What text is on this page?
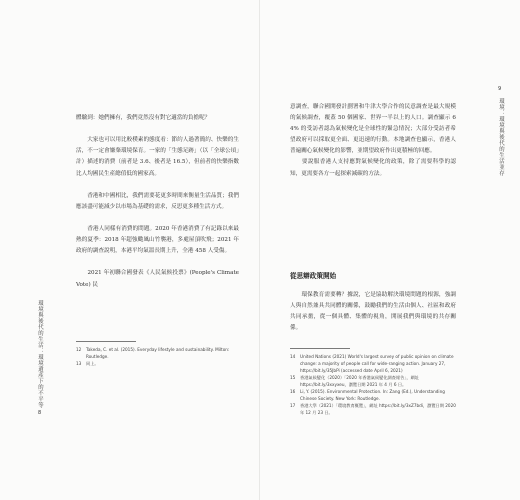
環境與後代的生活：環境遺產下的不平等
8

體驗到：她們擁有，我們竟然沒有對它適當的負擔呢？

　　大家也可以用比較樸素的態度看：節約人過著簡約、快樂的生活，不一定會嫌棄環境保育。一家的「生態足跡」（以「全球公頃」計）描述的消費（前者是 3.6、後者是 16.5），但前者的快樂指數比人均國民生產總值低的國家高。

　　香港和中國相比，我們需要花更多時間來衡量生活品質；我們應該盡可能減少以市場為基礎的需求，反思更多種生活方式。

　　香港人同樣有消費的問題。2020 年香港消費了有記錄以來最熱的夏季：2018 年超強颱風山竹襲港，多處屋頂吹飛；2021 年政府的調查說明，本港平均氣溫長期上升，全港 458 人受傷。

　　2021 年初聯合國發表《人民氣候投票》(People's Climate Vote) 民

12	Takeda, C. et al. (2015). Everyday lifestyle and sustainability. Milton: Routledge.
13	同上。
9
環境：環境與後代的生活並存
意調查，聯合國開發計劃署和牛津大學合作的民意調查是最大規模的氣候調查，覆蓋 50 個國家、世界一半以上的人口。調查顯示 64% 的受訪者認為氣候變化是全球性的緊急情況；大部分受訪者希望政府可以採取更全面、更迅速的行動。本地調查也顯示，香港人普遍關心氣候變化的影響，並期望政府作出更積極的回應。
　　要說服香港人支持應對氣候變化的政策，除了需要科學的認知，更需要各方一起探索減碳的方法。
從思辯政策開始
　　環保教育需要轉？據說，它是協助解決環境問題的根源，強調人與自然兼具共同體的關係，鼓勵我們的生活由個人、社區和政府共同承擔，從一個具體、集體的視角，開展我們與環境的共存關係。
14	United Nations (2021) World's largest survey of public opinion on climate change: a majority of people call for wide-ranging action. January 27, https://bit.ly/35JbPi (accessed date April 6, 2021)
15	香港氣候變化（2020）「2020 年香港氣候變化調查報告」，網址 https://bit.ly/3xxyxeu，瀏覽日期 2021 年 4 月 6 日。
16	Li, Y. (2015). Environmental Protection. In: Zang (Ed.), Understanding Chinese Society. New York: Routledge.
17	香港大學（2021）「環境教育概覽」，網址 https://bit.ly/3xZ7bdi，瀏覽日期 2020 年 12 月 23 日。
